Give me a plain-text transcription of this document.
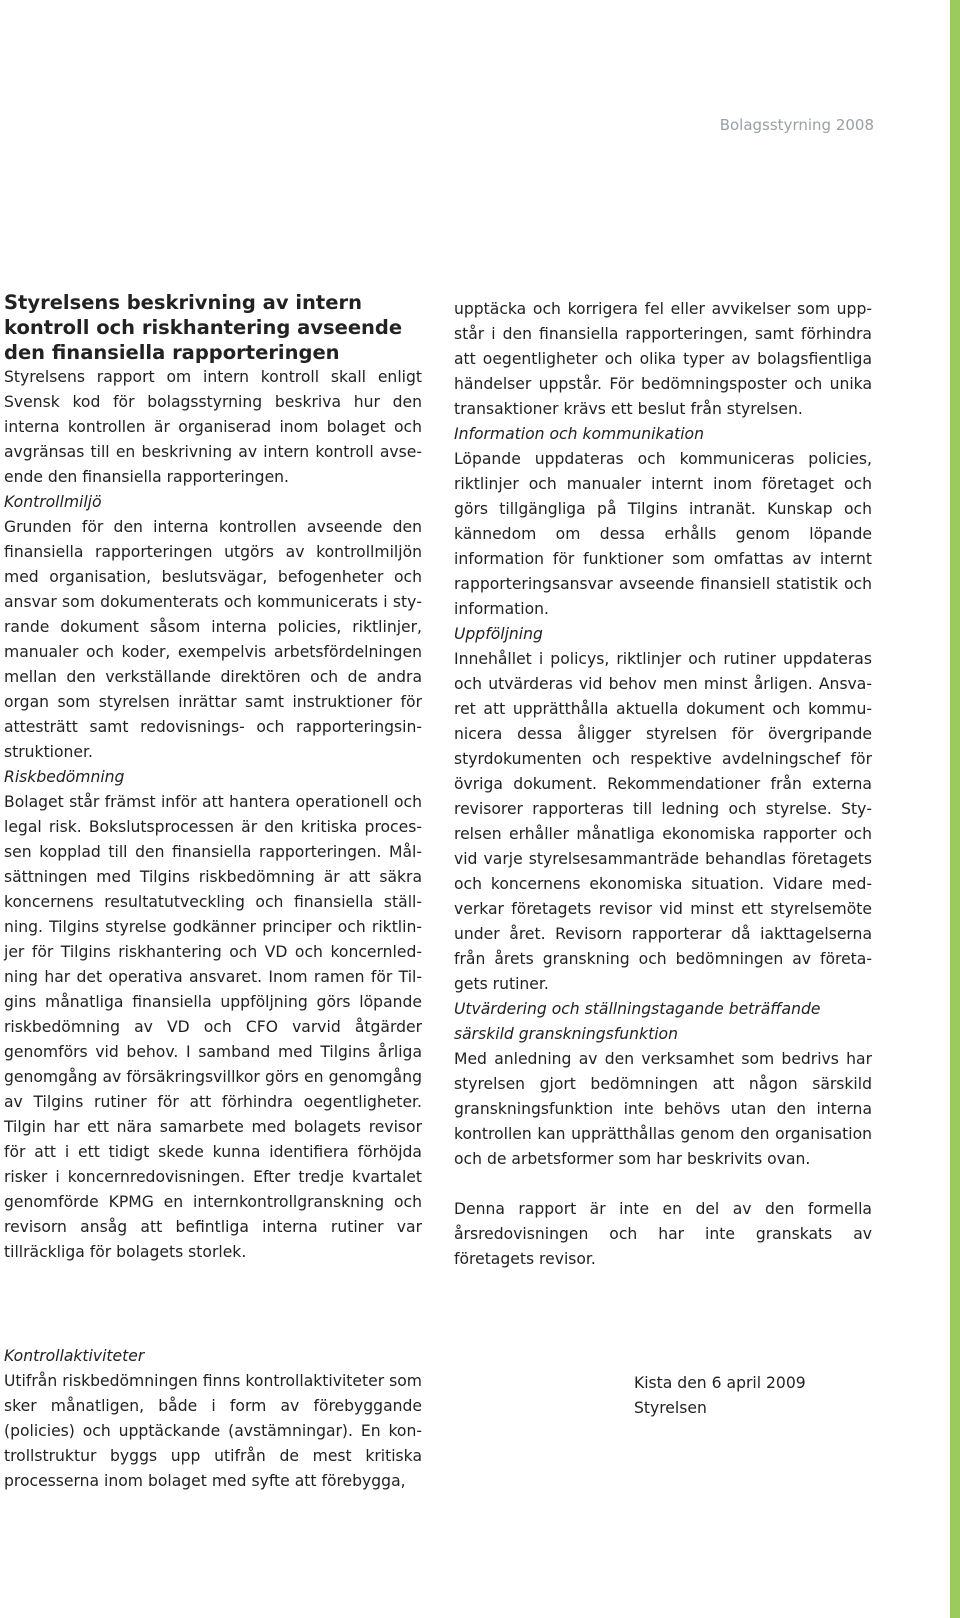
Bolagsstyrning 2008
Styrelsens beskrivning av intern kontroll och riskhantering avseende den finansiella rapporteringen

Styrelsens rapport om intern kontroll skall enligt Svensk kod för bolagsstyrning beskriva hur den interna kontrollen är organiserad inom bolaget och avgränsas till en beskrivning av intern kontroll avseende den finansiella rapporteringen.

Kontrollmiljö

Grunden för den interna kontrollen avseende den finansiella rapporteringen utgörs av kontrollmiljön med organisation, beslutsvägar, befogenheter och ansvar som dokumenterats och kommunicerats i styrande dokument såsom interna policies, riktlinjer, manualer och koder, exempelvis arbetsfördelningen mellan den verkställande direktören och de andra organ som styrelsen inrättar samt instruktioner för attesträtt samt redovisnings- och rapporteringsinstruktioner.

Riskbedömning

Bolaget står främst inför att hantera operationell och legal risk. Bokslutsprocessen är den kritiska processen kopplad till den finansiella rapporteringen. Målsättningen med Tilgins riskbedömning är att säkra koncernens resultatutveckling och finansiella ställning. Tilgins styrelse godkänner principer och riktlinjer för Tilgins riskhantering och VD och koncernledning har det operativa ansvaret. Inom ramen för Tilgins månatliga finansiella uppföljning görs löpande riskbedömning av VD och CFO varvid åtgärder genomförs vid behov. I samband med Tilgins årliga genomgång av försäkringsvillkor görs en genomgång av Tilgins rutiner för att förhindra oegentligheter. Tilgin har ett nära samarbete med bolagets revisor för att i ett tidigt skede kunna identifiera förhöjda risker i koncernredovisningen. Efter tredje kvartalet genomförde KPMG en internkontrollgranskning och revisorn ansåg att befintliga interna rutiner var tillräckliga för bolagets storlek.

Kontrollaktiviteter

Utifrån riskbedömningen finns kontrollaktiviteter som sker månatligen, både i form av förebyggande (policies) och upptäckande (avstämningar). En kontrollstruktur byggs upp utifrån de mest kritiska processerna inom bolaget med syfte att förebygga,

upptäcka och korrigera fel eller avvikelser som uppstår i den finansiella rapporteringen, samt förhindra att oegentligheter och olika typer av bolagsfientliga händelser uppstår. För bedömningsposter och unika transaktioner krävs ett beslut från styrelsen.

Information och kommunikation

Löpande uppdateras och kommuniceras policies, riktlinjer och manualer internt inom företaget och görs tillgängliga på Tilgins intranät. Kunskap och kännedom om dessa erhålls genom löpande information för funktioner som omfattas av internt rapporteringsansvar avseende finansiell statistik och information.

Uppföljning

Innehållet i policys, riktlinjer och rutiner uppdateras och utvärderas vid behov men minst årligen. Ansvaret att upprätthålla aktuella dokument och kommunicera dessa åligger styrelsen för övergripande styrdokumenten och respektive avdelningschef för övriga dokument. Rekommendationer från externa revisorer rapporteras till ledning och styrelse. Styrelsen erhåller månatliga ekonomiska rapporter och vid varje styrelsesammanträde behandlas företagets och koncernens ekonomiska situation. Vidare medverkar företagets revisor vid minst ett styrelsemöte under året. Revisorn rapporterar då iakttagelserna från årets granskning och bedömningen av företagets rutiner.

Utvärdering och ställningstagande beträffande särskild granskningsfunktion

Med anledning av den verksamhet som bedrivs har styrelsen gjort bedömningen att någon särskild granskningsfunktion inte behövs utan den interna kontrollen kan upprätthållas genom den organisation och de arbetsformer som har beskrivits ovan.

Denna rapport är inte en del av den formella årsredovisningen och har inte granskats av företagets revisor.

Kista den 6 april 2009
Styrelsen
